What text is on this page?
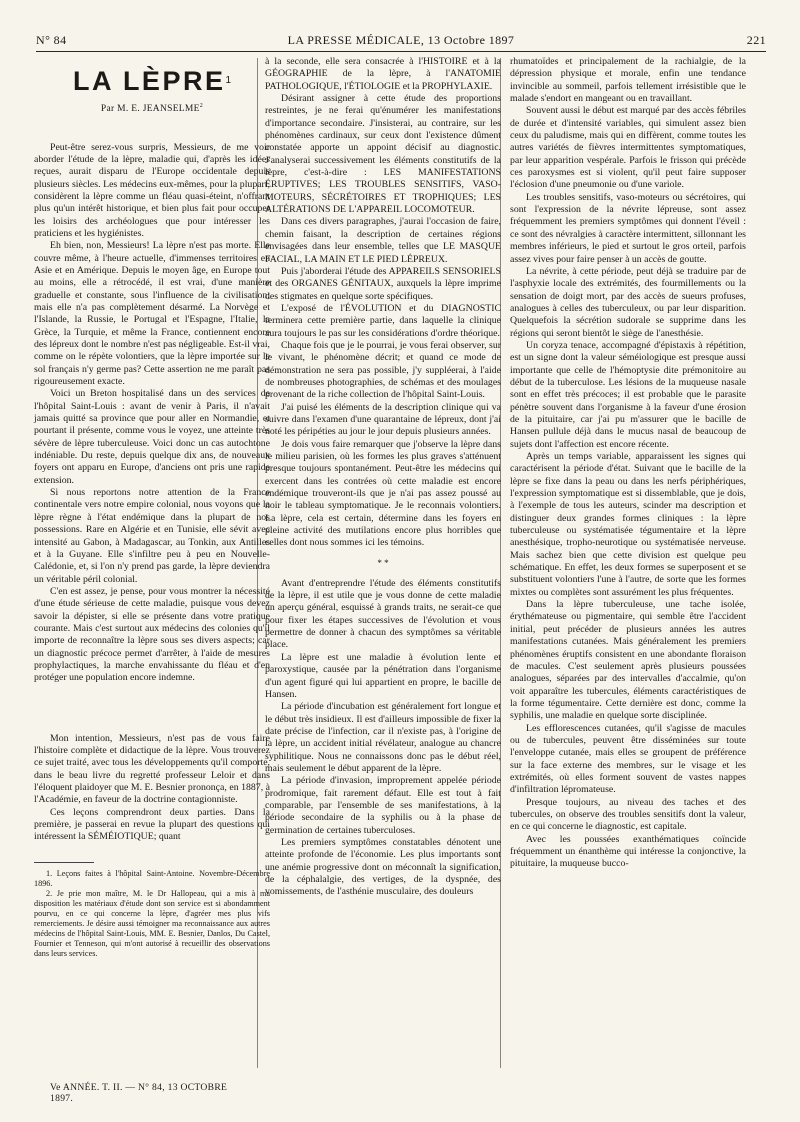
N° 84	LA PRESSE MÉDICALE, 13 Octobre 1897	221
LA LÈPRE$^1$
Par M. E. JEANSELME$^2$

Peut-être serez-vous surpris, Messieurs, de me voir aborder l'étude de la lèpre, maladie qui, d'après les idées reçues, aurait disparu de l'Europe occidentale depuis plusieurs siècles. Les médecins eux-mêmes, pour la plupart, considèrent la lèpre comme un fléau quasi-éteint, n'offrant plus qu'un intérêt historique, et bien plus fait pour occuper les loisirs des archéologues que pour intéresser les praticiens et les hygiénistes.

Eh bien, non, Messieurs! La lèpre n'est pas morte. Elle couvre même, à l'heure actuelle, d'immenses territoires en Asie et en Amérique. Depuis le moyen âge, en Europe tout au moins, elle a rétrocédé, il est vrai, d'une manière graduelle et constante, sous l'influence de la civilisation; mais elle n'a pas complètement désarmé. La Norvège et l'Islande, la Russie, le Portugal et l'Espagne, l'Italie, la Grèce, la Turquie, et même la France, contiennent encore des lépreux dont le nombre n'est pas négligeable. Est-il vrai, comme on le répète volontiers, que la lèpre importée sur le sol français n'y germe pas? Cette assertion ne me paraît pas rigoureusement exacte.

Voici un Breton hospitalisé dans un des services de l'hôpital Saint-Louis : avant de venir à Paris, il n'avait jamais quitté sa province que pour aller en Normandie, et pourtant il présente, comme vous le voyez, une atteinte très sévère de lèpre tuberculeuse. Voici donc un cas autochtone indéniable. Du reste, depuis quelque dix ans, de nouveaux foyers ont apparu en Europe, d'anciens ont pris une rapide extension.

Si nous reportons notre attention de la France continentale vers notre empire colonial, nous voyons que la lèpre règne à l'état endémique dans la plupart de nos possessions. Rare en Algérie et en Tunisie, elle sévit avec intensité au Gabon, à Madagascar, au Tonkin, aux Antilles et à la Guyane. Elle s'infiltre peu à peu en Nouvelle-Calédonie, et, si l'on n'y prend pas garde, la lèpre deviendra un véritable péril colonial.

C'en est assez, je pense, pour vous montrer la nécessité d'une étude sérieuse de cette maladie, puisque vous devez savoir la dépister, si elle se présente dans votre pratique courante. Mais c'est surtout aux médecins des colonies qu'il importe de reconnaître la lèpre sous ses divers aspects; car un diagnostic précoce permet d'arrêter, à l'aide de mesures prophylactiques, la marche envahissante du fléau et d'en protéger une population encore indemne.

Mon intention, Messieurs, n'est pas de vous faire l'histoire complète et didactique de la lèpre. Vous trouverez ce sujet traité, avec tous les développements qu'il comporte, dans le beau livre du regretté professeur Leloir et dans l'éloquent plaidoyer que M. E. Besnier prononça, en 1887, à l'Académie, en faveur de la doctrine contagionniste.

Ces leçons comprendront deux parties. Dans la première, je passerai en revue la plupart des questions qui intéressent la SÉMÉIOTIQUE; quant

1. Leçons faites à l'hôpital Saint-Antoine. Novembre-Décembre 1896.

2. Je prie mon maître, M. le Dr Hallopeau, qui a mis à ma disposition les matériaux d'étude dont son service est si abondamment pourvu, en ce qui concerne la lèpre, d'agréer mes plus vifs remerciements. Je désire aussi témoigner ma reconnaissance aux autres médecins de l'hôpital Saint-Louis, MM. E. Besnier, Danlos, Du Castel, Fournier et Tenneson, qui m'ont autorisé à recueillir des observations dans leurs services.

Ve ANNÉE. T. II. — N° 84, 13 OCTOBRE 1897.

à la seconde, elle sera consacrée à l'HISTOIRE et à la GÉOGRAPHIE de la lèpre, à l'ANATOMIE PATHOLOGIQUE, l'ÉTIOLOGIE et la PROPHYLAXIE.

Désirant assigner à cette étude des proportions restreintes, je ne ferai qu'énumérer les manifestations d'importance secondaire. J'insisterai, au contraire, sur les phénomènes cardinaux, sur ceux dont l'existence dûment constatée apporte un appoint décisif au diagnostic. J'analyserai successivement les éléments constitutifs de la lèpre, c'est-à-dire : LES MANIFESTATIONS ÉRUPTIVES; LES TROUBLES SENSITIFS, VASO-MOTEURS, SÉCRÉTOIRES ET TROPHIQUES; LES ALTÉRATIONS DE L'APPAREIL LOCOMOTEUR.

Dans ces divers paragraphes, j'aurai l'occasion de faire, chemin faisant, la description de certaines régions envisagées dans leur ensemble, telles que LE MASQUE FACIAL, LA MAIN ET LE PIED LÉPREUX.

Puis j'aborderai l'étude des APPAREILS SENSORIELS et des ORGANES GÉNITAUX, auxquels la lèpre imprime des stigmates en quelque sorte spécifiques.

L'exposé de l'ÉVOLUTION et du DIAGNOSTIC terminera cette première partie, dans laquelle la clinique aura toujours le pas sur les considérations d'ordre théorique.

Chaque fois que je le pourrai, je vous ferai observer, sur le vivant, le phénomène décrit; et quand ce mode de démonstration ne sera pas possible, j'y suppléerai, à l'aide de nombreuses photographies, de schémas et des moulages provenant de la riche collection de l'hôpital Saint-Louis.

J'ai puisé les éléments de la description clinique qui va suivre dans l'examen d'une quarantaine de lépreux, dont j'ai noté les péripéties au jour le jour depuis plusieurs années.

Je dois vous faire remarquer que j'observe la lèpre dans le milieu parisien, où les formes les plus graves s'atténuent presque toujours spontanément. Peut-être les médecins qui exercent dans les contrées où cette maladie est encore endémique trouveront-ils que je n'ai pas assez poussé au noir le tableau symptomatique. Je le reconnais volontiers. La lèpre, cela est certain, détermine dans les foyers en pleine activité des mutilations encore plus horribles que celles dont nous sommes ici les témoins.

* *

Avant d'entreprendre l'étude des éléments constitutifs de la lèpre, il est utile que je vous donne de cette maladie un aperçu général, esquissé à grands traits, ne serait-ce que pour fixer les étapes successives de l'évolution et vous permettre de donner à chacun des symptômes sa véritable place.

La lèpre est une maladie à évolution lente et paroxystique, causée par la pénétration dans l'organisme d'un agent figuré qui lui appartient en propre, le bacille de Hansen.

La période d'incubation est généralement fort longue et le début très insidieux. Il est d'ailleurs impossible de fixer la date précise de l'infection, car il n'existe pas, à l'origine de la lèpre, un accident initial révélateur, analogue au chancre syphilitique. Nous ne connaissons donc pas le début réel, mais seulement le début apparent de la lèpre.

La période d'invasion, improprement appelée période prodromique, fait rarement défaut. Elle est tout à fait comparable, par l'ensemble de ses manifestations, à la période secondaire de la syphilis ou à la phase de germination de certaines tuberculoses.

Les premiers symptômes constatables dénotent une atteinte profonde de l'économie. Les plus importants sont une anémie progressive dont on méconnaît la signification, de la céphalalgie, des vertiges, de la dyspnée, des vomissements, de l'asthénie musculaire, des douleurs

rhumatoïdes et principalement de la rachialgie, de la dépression physique et morale, enfin une tendance invincible au sommeil, parfois tellement irrésistible que le malade s'endort en mangeant ou en travaillant.

Souvent aussi le début est marqué par des accès fébriles de durée et d'intensité variables, qui simulent assez bien ceux du paludisme, mais qui en diffèrent, comme toutes les autres variétés de fièvres intermittentes symptomatiques, par leur apparition vespérale. Parfois le frisson qui précède ces paroxysmes est si violent, qu'il peut faire supposer l'éclosion d'une pneumonie ou d'une variole.

Les troubles sensitifs, vaso-moteurs ou sécrétoires, qui sont l'expression de la névrite lépreuse, sont assez fréquemment les premiers symptômes qui donnent l'éveil : ce sont des névralgies à caractère intermittent, sillonnant les membres inférieurs, le pied et surtout le gros orteil, parfois assez vives pour faire penser à un accès de goutte.

La névrite, à cette période, peut déjà se traduire par de l'asphyxie locale des extrémités, des fourmillements ou la sensation de doigt mort, par des accès de sueurs profuses, analogues à celles des tuberculeux, ou par leur disparition. Quelquefois la sécrétion sudorale se supprime dans les régions qui seront bientôt le siège de l'anesthésie.

Un coryza tenace, accompagné d'épistaxis à répétition, est un signe dont la valeur séméiologique est presque aussi importante que celle de l'hémoptysie dite prémonitoire au début de la tuberculose. Les lésions de la muqueuse nasale sont en effet très précoces; il est probable que le parasite pénètre souvent dans l'organisme à la faveur d'une érosion de la pituitaire, car j'ai pu m'assurer que le bacille de Hansen pullule déjà dans le mucus nasal de beaucoup de sujets dont l'affection est encore récente.

Après un temps variable, apparaissent les signes qui caractérisent la période d'état. Suivant que le bacille de la lèpre se fixe dans la peau ou dans les nerfs périphériques, l'expression symptomatique est si dissemblable, que je dois, à l'exemple de tous les auteurs, scinder ma description et distinguer deux grandes formes cliniques : la lèpre tuberculeuse ou systématisée tégumentaire et la lèpre anesthésique, tropho-neurotique ou systématisée nerveuse. Mais sachez bien que cette division est quelque peu schématique. En effet, les deux formes se superposent et se substituent volontiers l'une à l'autre, de sorte que les formes mixtes ou complètes sont assurément les plus fréquentes.

Dans la lèpre tuberculeuse, une tache isolée, érythémateuse ou pigmentaire, qui semble être l'accident initial, peut précéder de plusieurs années les autres manifestations cutanées. Mais généralement les premiers phénomènes éruptifs consistent en une abondante floraison de macules. C'est seulement après plusieurs poussées analogues, séparées par des intervalles d'accalmie, qu'on voit apparaître les tubercules, éléments caractéristiques de la forme tégumentaire. Cette dernière est donc, comme la syphilis, une maladie en quelque sorte disciplinée.

Les efflorescences cutanées, qu'il s'agisse de macules ou de tubercules, peuvent être disséminées sur toute l'enveloppe cutanée, mais elles se groupent de préférence sur la face externe des membres, sur le visage et les extrémités, où elles forment souvent de vastes nappes d'infiltration lépromateuse.

Presque toujours, au niveau des taches et des tubercules, on observe des troubles sensitifs dont la valeur, en ce qui concerne le diagnostic, est capitale.

Avec les poussées exanthématiques coïncide fréquemment un énanthème qui intéresse la conjonctive, la pituitaire, la muqueuse bucco-
